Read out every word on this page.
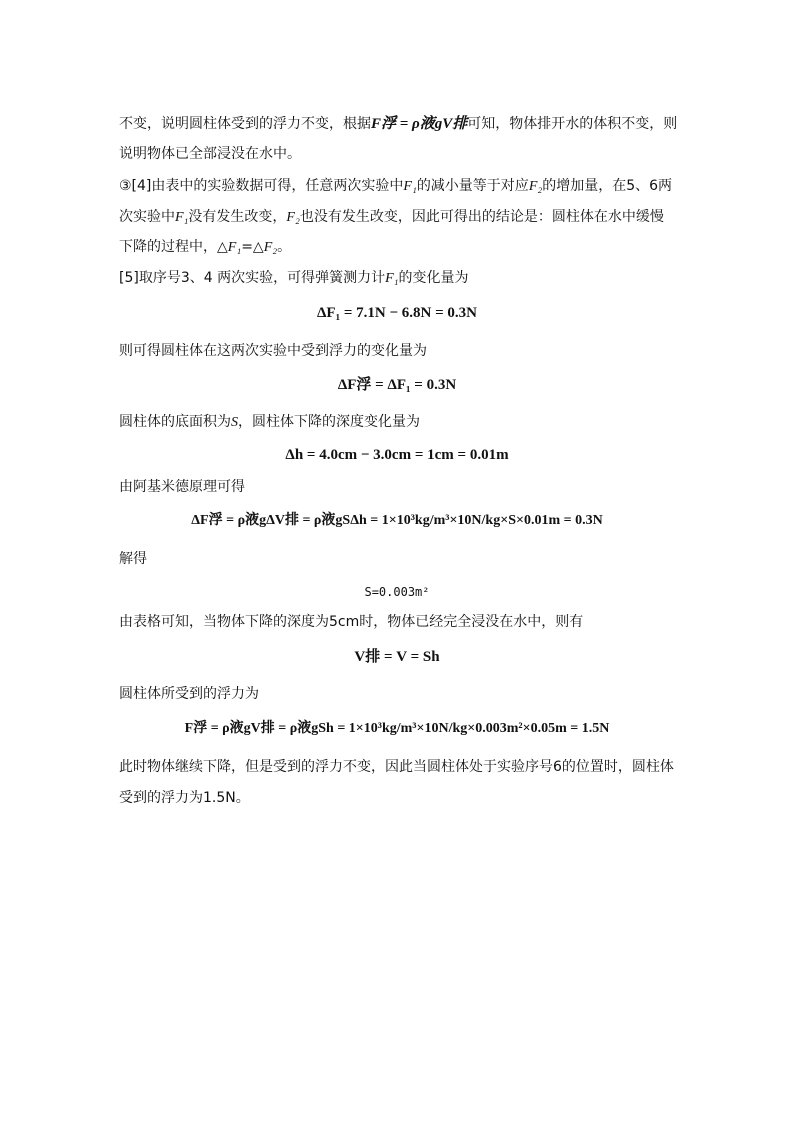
不变，说明圆柱体受到的浮力不变，根据F浮 = ρ液gV排可知，物体排开水的体积不变，则
说明物体已全部浸没在水中。
③[4]由表中的实验数据可得，任意两次实验中F₁的减小量等于对应F₂的增加量，在5、6两
次实验中F₁没有发生改变，F₂也没有发生改变，因此可得出的结论是：圆柱体在水中缓慢
下降的过程中，△F₁=△F₂。
[5]取序号3、4 两次实验，可得弹簧测力计F₁的变化量为
ΔF₁ = 7.1N − 6.8N = 0.3N
则可得圆柱体在这两次实验中受到浮力的变化量为
ΔF浮 = ΔF₁ = 0.3N
圆柱体的底面积为S，圆柱体下降的深度变化量为
Δh = 4.0cm − 3.0cm = 1cm = 0.01m
由阿基米德原理可得
ΔF浮 = ρ液gΔV排 = ρ液gSΔh = 1×10³kg/m³×10N/kg×S×0.01m = 0.3N
解得
S=0.003m²
由表格可知，当物体下降的深度为5cm时，物体已经完全浸没在水中，则有
V排 = V = Sh
圆柱体所受到的浮力为
F浮 = ρ液gV排 = ρ液gSh = 1×10³kg/m³×10N/kg×0.003m²×0.05m = 1.5N
此时物体继续下降，但是受到的浮力不变，因此当圆柱体处于实验序号6的位置时，圆柱体
受到的浮力为1.5N。
